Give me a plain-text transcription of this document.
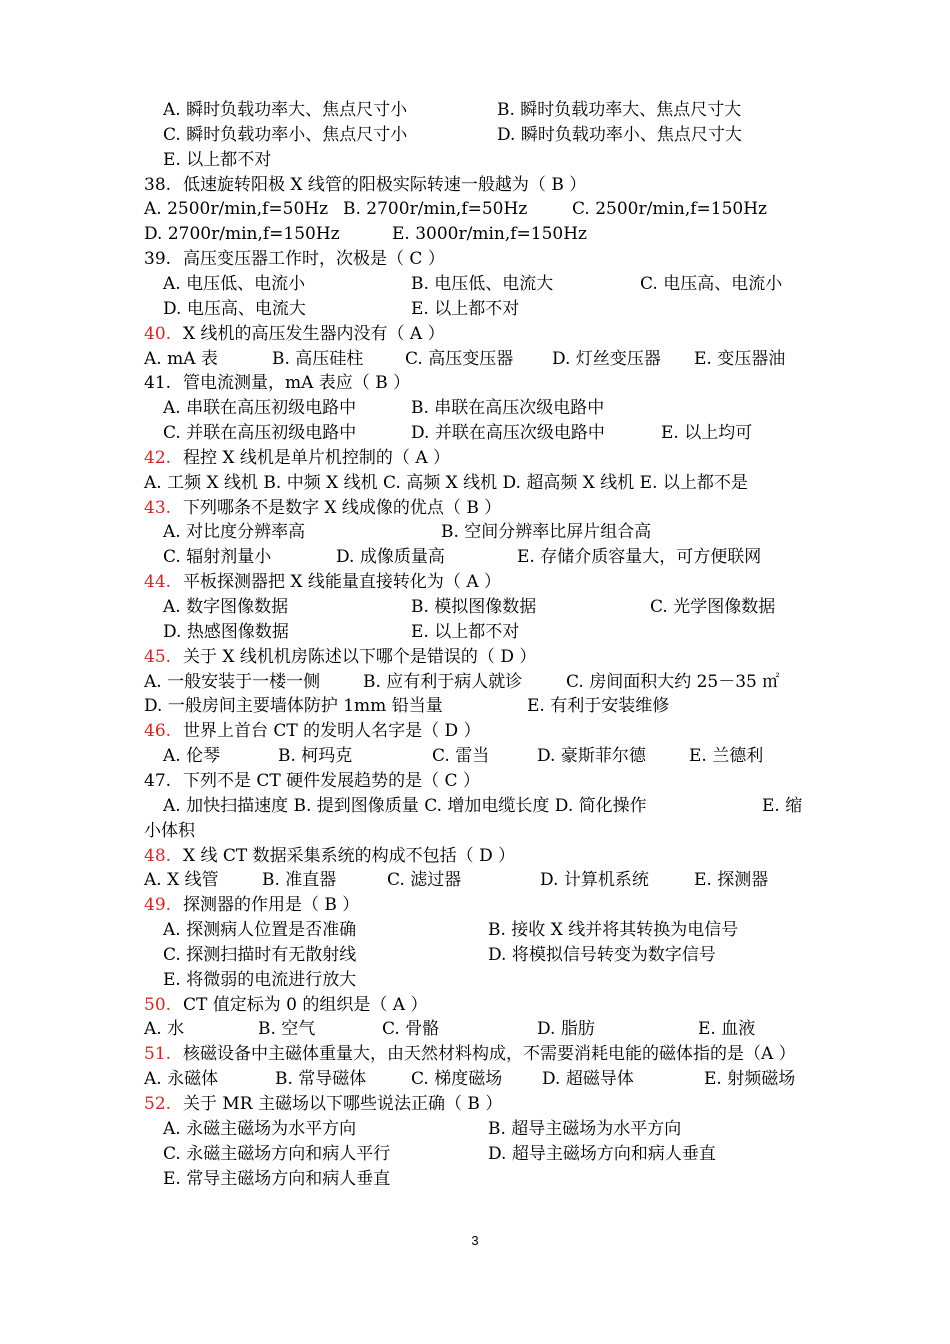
3
A. 瞬时负载功率大、焦点尺寸小	B. 瞬时负载功率大、焦点尺寸大
C. 瞬时负载功率小、焦点尺寸小	D. 瞬时负载功率小、焦点尺寸大
E. 以上都不对
38. 低速旋转阳极 X 线管的阳极实际转速一般越为（ B ）
A. 2500r/min,f=50Hz B. 2700r/min,f=50Hz	C. 2500r/min,f=150Hz
D. 2700r/min,f=150Hz	E. 3000r/min,f=150Hz
39. 高压变压器工作时，次极是（ C ）
A. 电压低、电流小	B. 电压低、电流大	C. 电压高、电流小
D. 电压高、电流大	E. 以上都不对
40. X 线机的高压发生器内没有（ A ）
A. mA 表	B. 高压硅柱 C. 高压变压器 D. 灯丝变压器 E. 变压器油
41. 管电流测量，mA 表应（ B ）
A. 串联在高压初级电路中	B. 串联在高压次级电路中
C. 并联在高压初级电路中	D. 并联在高压次级电路中	E. 以上均可
42. 程控 X 线机是单片机控制的（ A ）
A. 工频 X 线机 B. 中频 X 线机 C. 高频 X 线机 D. 超高频 X 线机 E. 以上都不是
43. 下列哪条不是数字 X 线成像的优点（ B ）
A. 对比度分辨率高	B. 空间分辨率比屏片组合高
C. 辐射剂量小	D. 成像质量高	E. 存储介质容量大，可方便联网
44. 平板探测器把 X 线能量直接转化为（ A ）
A. 数字图像数据	B. 模拟图像数据	C. 光学图像数据
D. 热感图像数据	E. 以上都不对
45. 关于 X 线机机房陈述以下哪个是错误的（ D ）
A. 一般安装于一楼一侧	B. 应有利于病人就诊	C. 房间面积大约 25－35 ㎡
D. 一般房间主要墙体防护 1mm 铅当量	E. 有利于安装维修
46. 世界上首台 CT 的发明人名字是（ D ）
A. 伦琴	B. 柯玛克	C. 雷当	D. 豪斯菲尔德	E. 兰德利
47. 下列不是 CT 硬件发展趋势的是（ C ）
A. 加快扫描速度 B. 提到图像质量 C. 增加电缆长度 D. 简化操作	E. 缩
小体积
48. X 线 CT 数据采集系统的构成不包括（ D ）
A. X 线管	B. 准直器	C. 滤过器	D. 计算机系统	E. 探测器
49. 探测器的作用是（ B ）
A. 探测病人位置是否准确	B. 接收 X 线并将其转换为电信号
C. 探测扫描时有无散射线	D. 将模拟信号转变为数字信号
E. 将微弱的电流进行放大
50. CT 值定标为 0 的组织是（ A ）
A. 水	B. 空气	C. 骨骼	D. 脂肪	E. 血液
51. 核磁设备中主磁体重量大，由天然材料构成，不需要消耗电能的磁体指的是（A ）
A. 永磁体	B. 常导磁体	C. 梯度磁场 D. 超磁导体	E. 射频磁场
52. 关于 MR 主磁场以下哪些说法正确（ B ）
A. 永磁主磁场为水平方向	B. 超导主磁场为水平方向
C. 永磁主磁场方向和病人平行	D. 超导主磁场方向和病人垂直
E. 常导主磁场方向和病人垂直
